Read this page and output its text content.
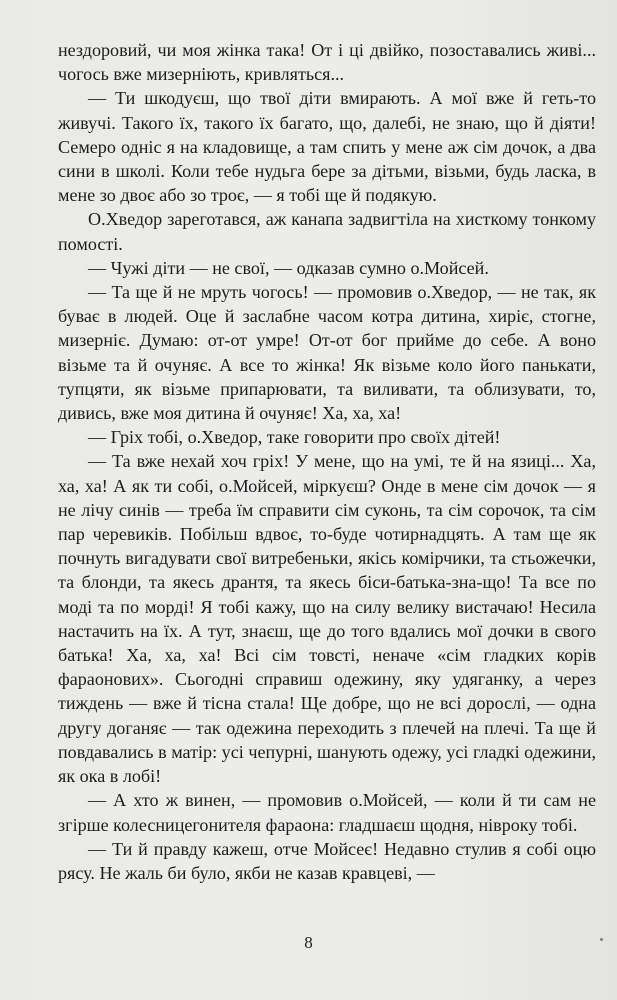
нездоровий, чи моя жінка така! От і ці двійко, позоставались живі... чогось вже мизерніють, кривляться...

— Ти шкодуєш, що твої діти вмирають. А мої вже й геть-то живучі. Такого їх, такого їх багато, що, далебі, не знаю, що й діяти! Семеро одніс я на кладовище, а там спить у мене аж сім дочок, а два сини в школі. Коли тебе нудьга бере за дітьми, візьми, будь ласка, в мене зо двоє або зо троє, — я тобі ще й подякую.

О.Хведор зареготався, аж канапа задвигтіла на хисткому тонкому помості.

— Чужі діти — не свої, — одказав сумно о.Мойсей.

— Та ще й не мруть чогось! — промовив о.Хведор, — не так, як буває в людей. Оце й заслабне часом котра дитина, хиріє, стогне, мизерніє. Думаю: от-от умре! От-от бог прийме до себе. А воно візьме та й очуняє. А все то жінка! Як візьме коло його панькати, тупцяти, як візьме припарювати, та виливати, та облизувати, то, дивись, вже моя дитина й очуняє! Ха, ха, ха!

— Гріх тобі, о.Хведор, таке говорити про своїх дітей!

— Та вже нехай хоч гріх! У мене, що на умі, те й на язиці... Ха, ха, ха! А як ти собі, о.Мойсей, міркуєш? Онде в мене сім дочок — я не лічу синів — треба їм справити сім суконь, та сім сорочок, та сім пар черевиків. Побільш вдвоє, то-буде чотирнадцять. А там ще як почнуть вигадувати свої витребеньки, якісь комірчики, та стьожечки, та блонди, та якесь дрантя, та якесь біси-батька-зна-що! Та все по моді та по морді! Я тобі кажу, що на силу велику вистачаю! Несила настачить на їх. А тут, знаєш, ще до того вдались мої дочки в свого батька! Ха, ха, ха! Всі сім товсті, неначе «сім гладких корів фараонових». Сьогодні справиш одежину, яку удяганку, а через тиждень — вже й тісна стала! Ще добре, що не всі дорослі, — одна другу доганяє — так одежина переходить з плечей на плечі. Та ще й повдавались в матір: усі чепурні, шанують одежу, усі гладкі одежини, як ока в лобі!

— А хто ж винен, — промовив о.Мойсей, — коли й ти сам не згірше колесницегонителя фараона: гладшаєш щодня, нівроку тобі.

— Ти й правду кажеш, отче Мойсеє! Недавно стулив я собі оцю рясу. Не жаль би було, якби не казав кравцеві, —

8
